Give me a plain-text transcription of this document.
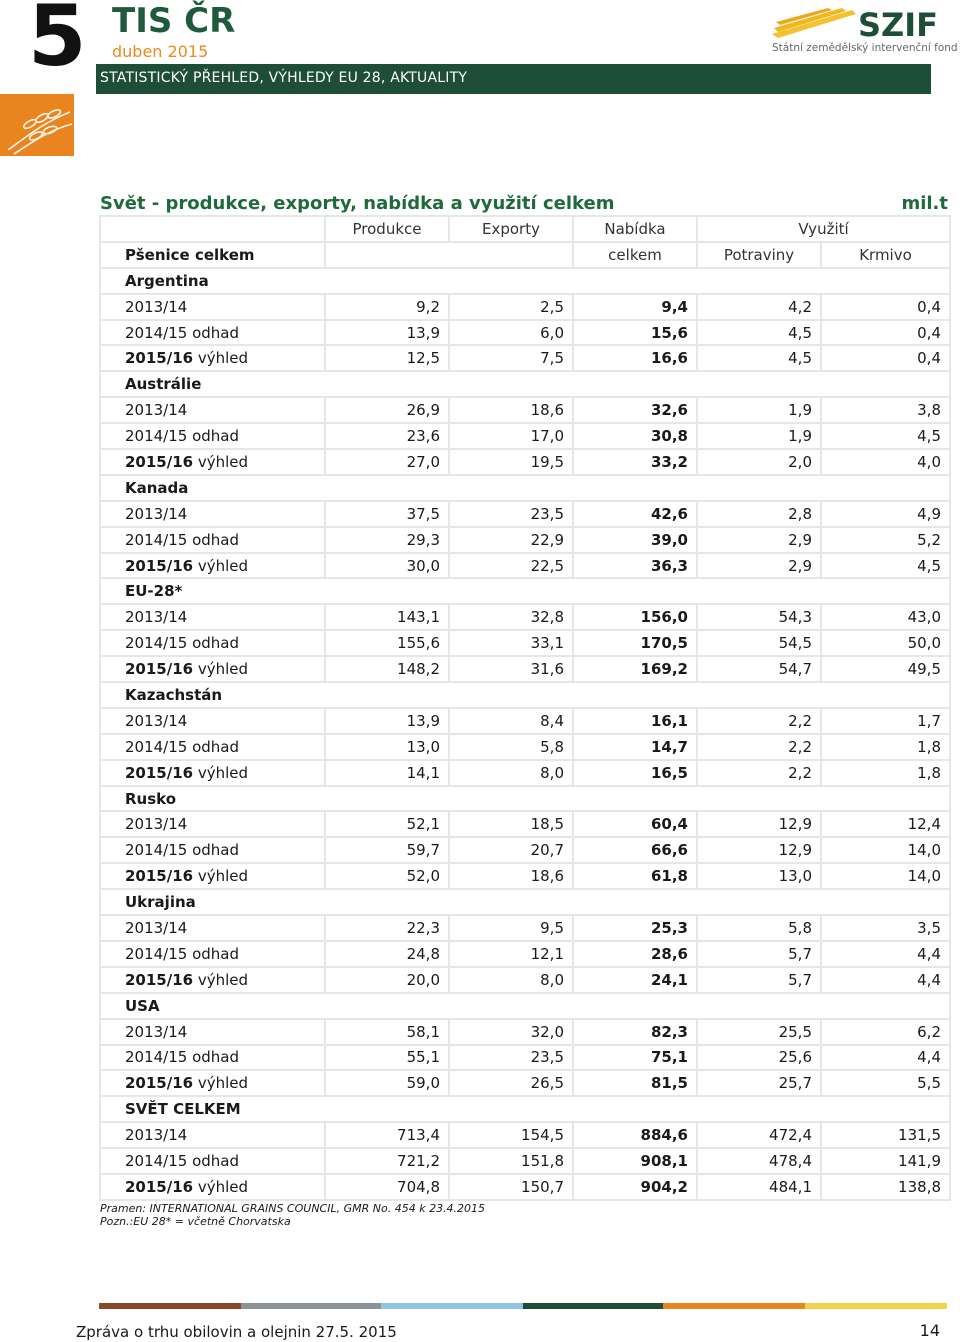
5 TIS ČR
duben 2015
STATISTICKÝ PŘEHLED, VÝHLEDY EU 28, AKTUALITY
SZIF
Státní zemědělský intervenční fond
Svět - produkce, exporty, nabídka a využití celkem	mil.t
	Produkce	Exporty	Nabídka	Využití	
Pšenice celkem			celkem	Potraviny	Krmivo
Argentina					
2013/14	9,2	2,5	9,4	4,2	0,4
2014/15 odhad	13,9	6,0	15,6	4,5	0,4
2015/16 výhled	12,5	7,5	16,6	4,5	0,4
Austrálie					
2013/14	26,9	18,6	32,6	1,9	3,8
2014/15 odhad	23,6	17,0	30,8	1,9	4,5
2015/16 výhled	27,0	19,5	33,2	2,0	4,0
Kanada					
2013/14	37,5	23,5	42,6	2,8	4,9
2014/15 odhad	29,3	22,9	39,0	2,9	5,2
2015/16 výhled	30,0	22,5	36,3	2,9	4,5
EU-28*					
2013/14	143,1	32,8	156,0	54,3	43,0
2014/15 odhad	155,6	33,1	170,5	54,5	50,0
2015/16 výhled	148,2	31,6	169,2	54,7	49,5
Kazachstán					
2013/14	13,9	8,4	16,1	2,2	1,7
2014/15 odhad	13,0	5,8	14,7	2,2	1,8
2015/16 výhled	14,1	8,0	16,5	2,2	1,8
Rusko					
2013/14	52,1	18,5	60,4	12,9	12,4
2014/15 odhad	59,7	20,7	66,6	12,9	14,0
2015/16 výhled	52,0	18,6	61,8	13,0	14,0
Ukrajina					
2013/14	22,3	9,5	25,3	5,8	3,5
2014/15 odhad	24,8	12,1	28,6	5,7	4,4
2015/16 výhled	20,0	8,0	24,1	5,7	4,4
USA					
2013/14	58,1	32,0	82,3	25,5	6,2
2014/15 odhad	55,1	23,5	75,1	25,6	4,4
2015/16 výhled	59,0	26,5	81,5	25,7	5,5
SVĚT CELKEM					
2013/14	713,4	154,5	884,6	472,4	131,5
2014/15 odhad	721,2	151,8	908,1	478,4	141,9
2015/16 výhled	704,8	150,7	904,2	484,1	138,8
Pramen: INTERNATIONAL GRAINS COUNCIL, GMR No. 454 k 23.4.2015
Pozn.:EU 28* = včetně Chorvatska
Zpráva o trhu obilovin a olejnin 27.5. 2015	14
